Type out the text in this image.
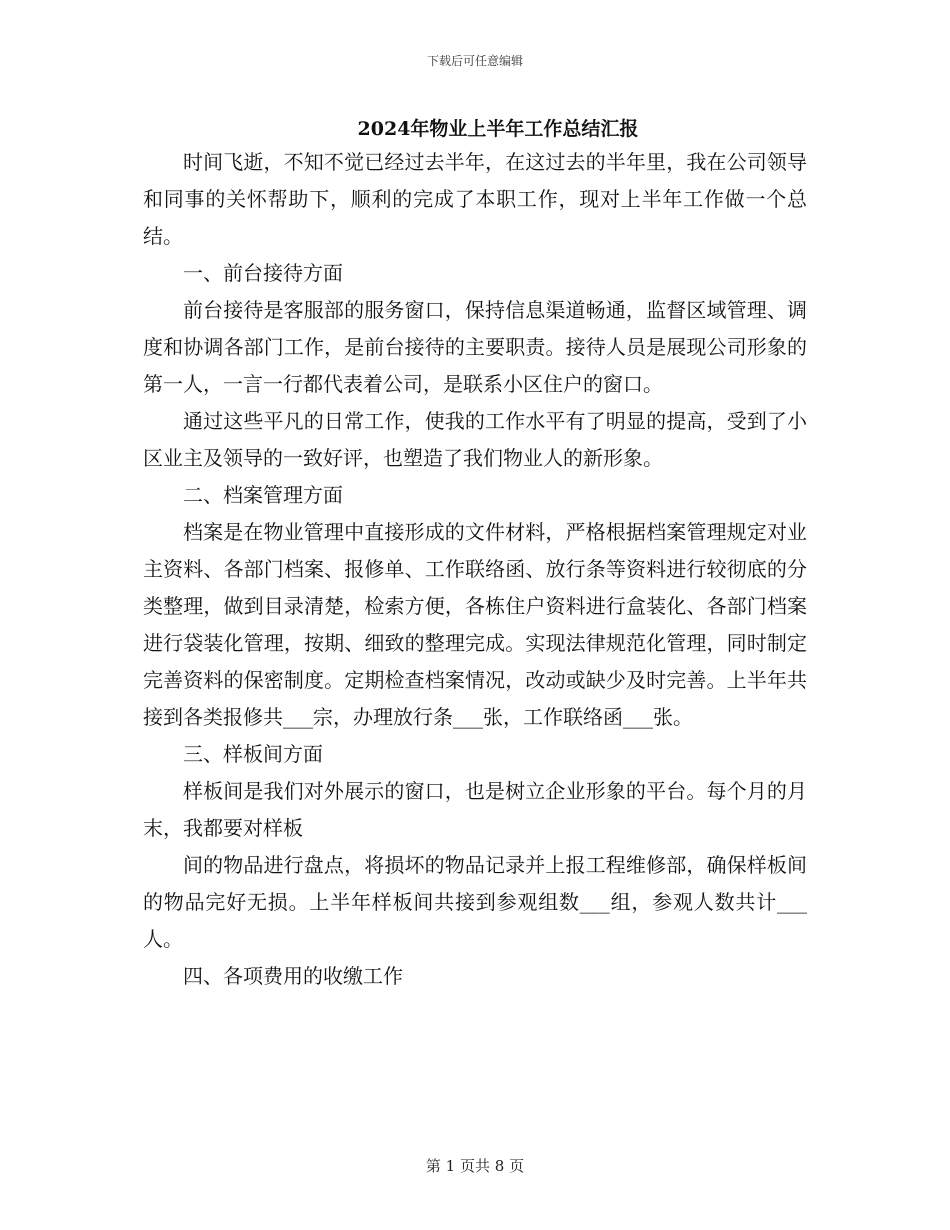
下载后可任意编辑
2024年物业上半年工作总结汇报

时间飞逝，不知不觉已经过去半年，在这过去的半年里，我在公司领导和同事的关怀帮助下，顺利的完成了本职工作，现对上半年工作做一个总结。

一、前台接待方面

前台接待是客服部的服务窗口，保持信息渠道畅通，监督区域管理、调度和协调各部门工作，是前台接待的主要职责。接待人员是展现公司形象的第一人，一言一行都代表着公司，是联系小区住户的窗口。

通过这些平凡的日常工作，使我的工作水平有了明显的提高，受到了小区业主及领导的一致好评，也塑造了我们物业人的新形象。

二、档案管理方面

档案是在物业管理中直接形成的文件材料，严格根据档案管理规定对业主资料、各部门档案、报修单、工作联络函、放行条等资料进行较彻底的分类整理，做到目录清楚，检索方便，各栋住户资料进行盒装化、各部门档案进行袋装化管理，按期、细致的整理完成。实现法律规范化管理，同时制定完善资料的保密制度。定期检查档案情况，改动或缺少及时完善。上半年共接到各类报修共___宗，办理放行条___张，工作联络函___张。

三、样板间方面

样板间是我们对外展示的窗口，也是树立企业形象的平台。每个月的月末，我都要对样板

间的物品进行盘点，将损坏的物品记录并上报工程维修部，确保样板间的物品完好无损。上半年样板间共接到参观组数___组，参观人数共计___人。

四、各项费用的收缴工作

第 1 页共 8 页
